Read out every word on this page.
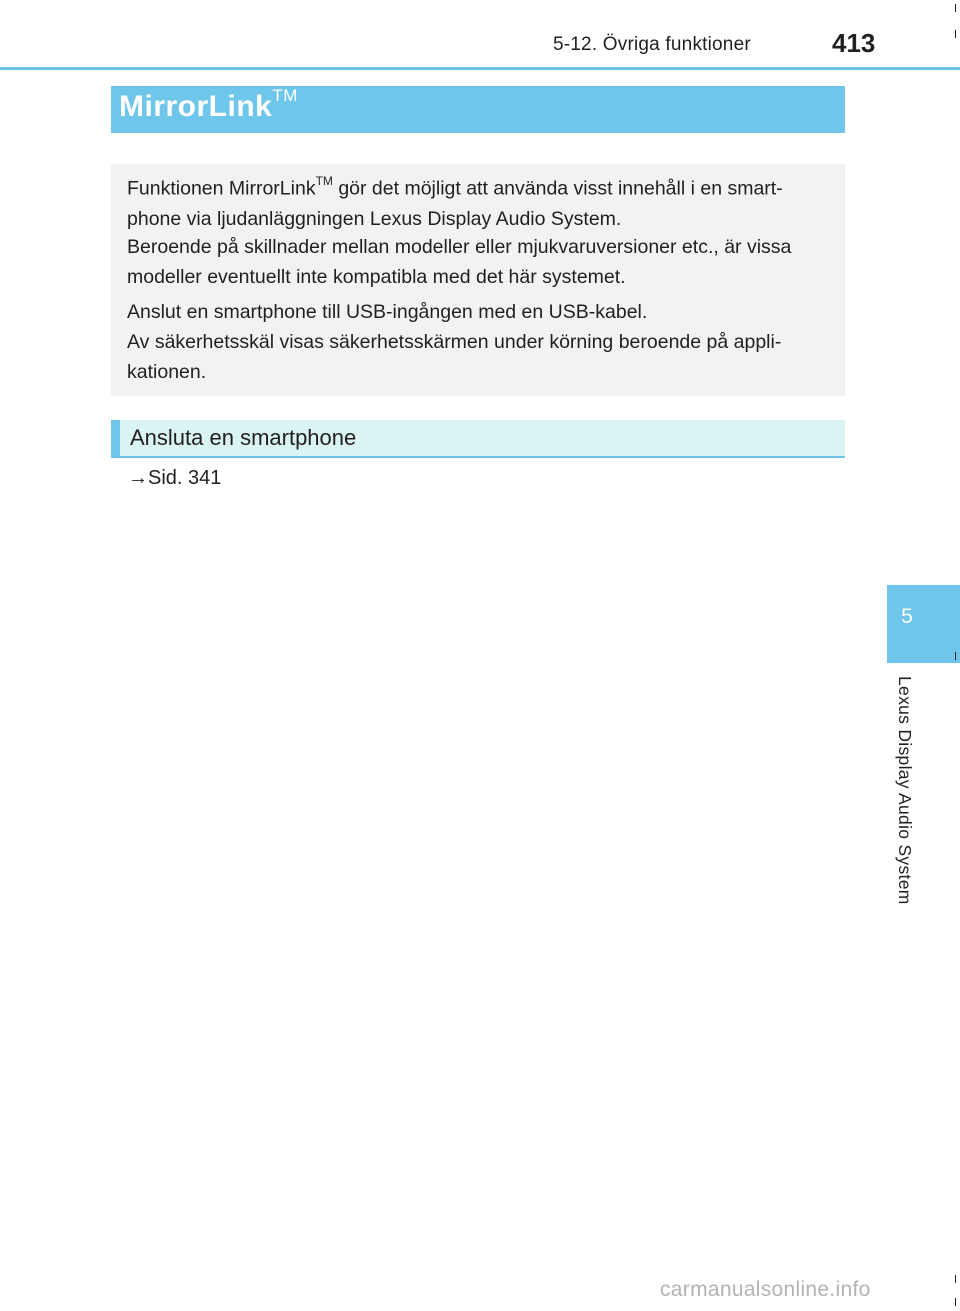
5-12. Övriga funktioner	413
MirrorLink™

Funktionen MirrorLink™ gör det möjligt att använda visst innehåll i en smart-
phone via ljudanläggningen Lexus Display Audio System.

Beroende på skillnader mellan modeller eller mjukvaruversioner etc., är vissa
modeller eventuellt inte kompatibla med det här systemet.

Anslut en smartphone till USB-ingången med en USB-kabel.
Av säkerhetsskäl visas säkerhetsskärmen under körning beroende på appli-
kationen.

Ansluta en smartphone
→Sid. 341
5
Lexus Display Audio System
carmanualsonline.info
